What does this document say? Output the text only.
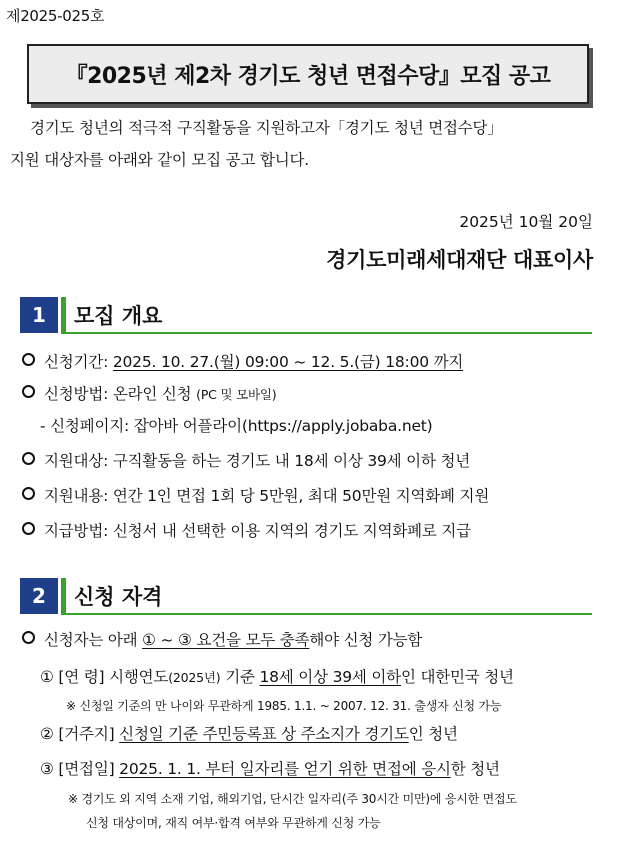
제2025-025호
『2025년 제2차 경기도 청년 면접수당』모집 공고
경기도 청년의 적극적 구직활동을 지원하고자「경기도 청년 면접수당」
지원 대상자를 아래와 같이 모집 공고 합니다.
2025년 10월 20일
경기도미래세대재단 대표이사
1	모집 개요
신청기간: 2025. 10. 27.(월) 09:00 ~ 12. 5.(금) 18:00 까지
신청방법: 온라인 신청 (PC 및 모바일)
- 신청페이지: 잡아바 어플라이(https://apply.jobaba.net)
지원대상: 구직활동을 하는 경기도 내 18세 이상 39세 이하 청년
지원내용: 연간 1인 면접 1회 당 5만원, 최대 50만원 지역화폐 지원
지급방법: 신청서 내 선택한 이용 지역의 경기도 지역화폐로 지급
2	신청 자격
신청자는 아래 ① ~ ③ 요건을 모두 충족해야 신청 가능함
① [연 령] 시행연도(2025년) 기준 18세 이상 39세 이하인 대한민국 청년
※ 신청일 기준의 만 나이와 무관하게 1985. 1.1. ~ 2007. 12. 31. 출생자 신청 가능
② [거주지] 신청일 기준 주민등록표 상 주소지가 경기도인 청년
③ [면접일] 2025. 1. 1. 부터 일자리를 얻기 위한 면접에 응시한 청년
※ 경기도 외 지역 소재 기업, 해외기업, 단시간 일자리(주 30시간 미만)에 응시한 면접도
신청 대상이며, 재직 여부·합격 여부와 무관하게 신청 가능
